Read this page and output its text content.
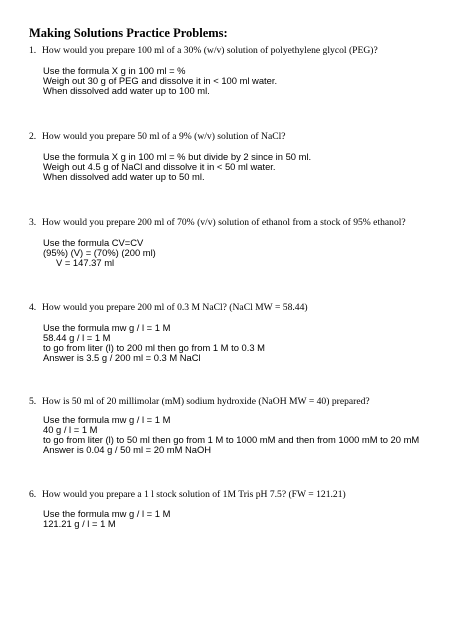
Making Solutions Practice Problems:
1. How would you prepare 100 ml of a 30% (w/v) solution of polyethylene glycol (PEG)?
Use the formula X g in 100 ml = %
Weigh out 30 g of PEG and dissolve it in < 100 ml water.
When dissolved add water up to 100 ml.
2. How would you prepare 50 ml of a 9% (w/v) solution of NaCl?
Use the formula X g in 100 ml = % but divide by 2 since in 50 ml.
Weigh out 4.5 g of NaCl and dissolve it in < 50 ml water.
When dissolved add water up to 50 ml.
3. How would you prepare 200 ml of 70% (v/v) solution of ethanol from a stock of 95% ethanol?
Use the formula CV=CV
(95%) (V) = (70%) (200 ml)
V = 147.37 ml
4. How would you prepare 200 ml of 0.3 M NaCl? (NaCl MW = 58.44)
Use the formula mw g / l = 1 M
58.44 g / l = 1 M
to go from liter (l) to 200 ml then go from 1 M to 0.3 M
Answer is 3.5 g / 200 ml = 0.3 M NaCl
5. How is 50 ml of 20 millimolar (mM) sodium hydroxide (NaOH MW = 40) prepared?
Use the formula mw g / l = 1 M
40 g / l = 1 M
to go from liter (l) to 50 ml then go from 1 M to 1000 mM and then from 1000 mM to 20 mM
Answer is 0.04 g / 50 ml = 20 mM NaOH
6. How would you prepare a 1 l stock solution of 1M Tris pH 7.5? (FW = 121.21)
Use the formula mw g / l = 1 M
121.21 g / l = 1 M
